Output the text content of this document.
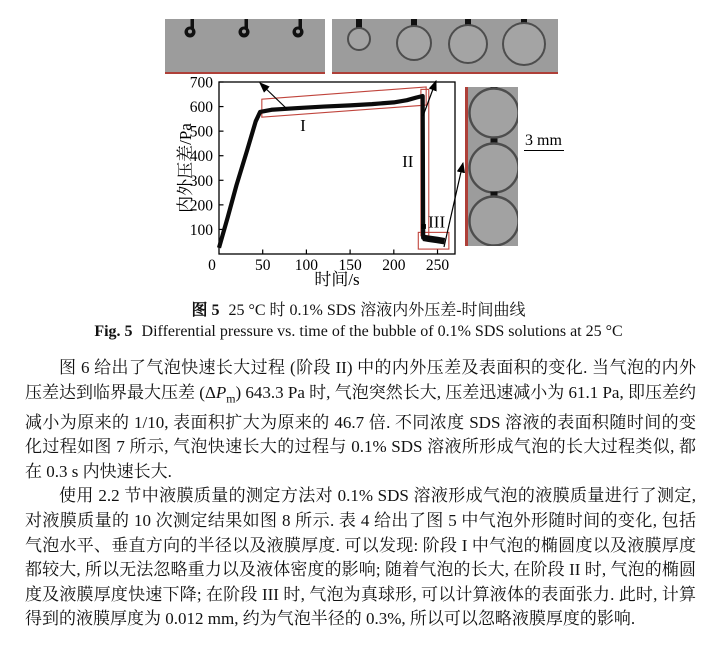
3 mm
时间/s
内外压差/Pa
100
200
300
400
500
600
700
0	50 100 150 200 250
I
II
III
图 5 25 °C 时 0.1% SDS 溶液内外压差-时间曲线
Fig. 5 Differential pressure vs. time of the bubble of 0.1% SDS solutions at 25 °C

图 6 给出了气泡快速长大过程 (阶段 II) 中的内外压差及表面积的变化. 当气泡的内外压差达到临界最大压差 $(\Delta P_m)$ 643.3 Pa 时, 气泡突然长大, 压差迅速减小为 61.1 Pa, 即压差约减小为原来的 1/10, 表面积扩大为原来的 46.7 倍. 不同浓度 SDS 溶液的表面积随时间的变化过程如图 7 所示, 气泡快速长大的过程与 0.1% SDS 溶液所形成气泡的长大过程类似, 都在 0.3 s 内快速长大.

使用 2.2 节中液膜质量的测定方法对 0.1% SDS 溶液形成气泡的液膜质量进行了测定, 对液膜质量的 10 次测定结果如图 8 所示. 表 4 给出了图 5 中气泡外形随时间的变化, 包括气泡水平、垂直方向的半径以及液膜厚度. 可以发现: 阶段 I 中气泡的椭圆度以及液膜厚度都较大, 所以无法忽略重力以及液体密度的影响; 随着气泡的长大, 在阶段 II 时, 气泡的椭圆度及液膜厚度快速下降; 在阶段 III 时, 气泡为真球形, 可以计算液体的表面张力. 此时, 计算得到的液膜厚度为 0.012 mm, 约为气泡半径的 0.3%, 所以可以忽略液膜厚度的影响.
